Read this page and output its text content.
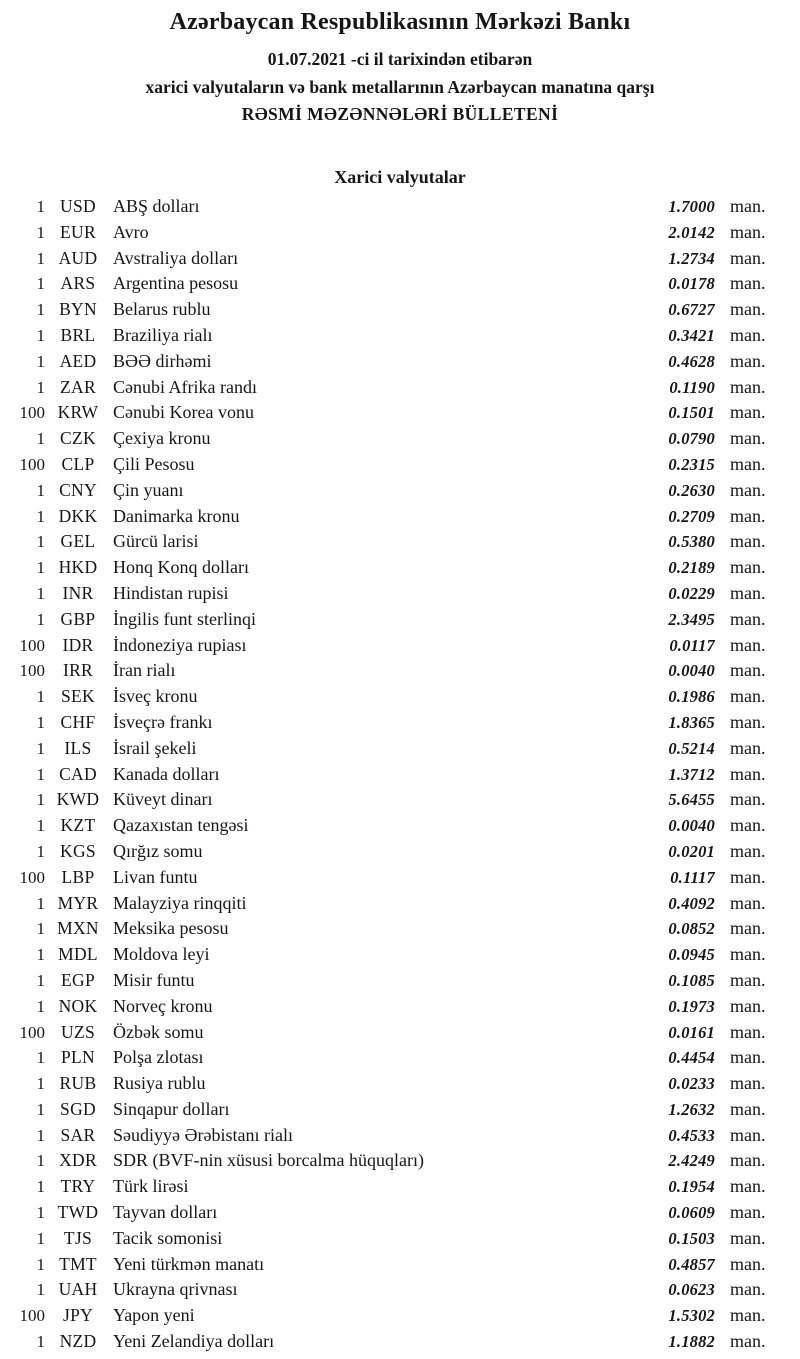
Azərbaycan Respublikasının Mərkəzi Bankı
01.07.2021 -ci il tarixindən etibarən
xarici valyutaların və bank metallarının Azərbaycan manatına qarşı
RƏSMİ MƏZƏNNƏLƏRİ BÜLLETENİ
Xarici valyutalar
1 USD ABŞ dolları	1.7000 man.
1 EUR Avro	2.0142 man.
1 AUD Avstraliya dolları	1.2734 man.
1 ARS Argentina pesosu	0.0178 man.
1 BYN Belarus rublu	0.6727 man.
1 BRL Braziliya rialı	0.3421 man.
1 AED BƏƏ dirhəmi	0.4628 man.
1 ZAR Cənubi Afrika randı	0.1190 man.
100 KRW Cənubi Korea vonu	0.1501 man.
1 CZK Çexiya kronu	0.0790 man.
100 CLP	Çili Pesosu	0.2315 man.
1 CNY Çin yuanı	0.2630 man.
1 DKK Danimarka kronu	0.2709 man.
1 GEL Gürcü larisi	0.5380 man.
1 HKD Honq Konq dolları	0.2189 man.
1 INR	Hindistan rupisi	0.0229 man.
1 GBP İngilis funt sterlinqi	2.3495 man.
100 IDR	İndoneziya rupiası	0.0117 man.
100	IRR	İran rialı	0.0040 man.
1 SEK	İsveç kronu	0.1986 man.
1 CHF İsveçrə frankı	1.8365 man.
1	ILS	İsrail şekeli	0.5214 man.
1 CAD Kanada dolları	1.3712 man.
1 KWD Küveyt dinarı	5.6455 man.
1 KZT Qazaxıstan tengəsi	0.0040 man.
1 KGS Qırğız somu	0.0201 man.
100 LBP	Livan funtu	0.1117 man.
1 MYR Malayziya rinqqiti	0.4092 man.
1 MXN Meksika pesosu	0.0852 man.
1 MDL Moldova leyi	0.0945 man.
1 EGP	Misir funtu	0.1085 man.
1 NOK Norveç kronu	0.1973 man.
100 UZS	Özbək somu	0.0161 man.
1 PLN	Polşa zlotası	0.4454 man.
1 RUB Rusiya rublu	0.0233 man.
1 SGD Sinqapur dolları	1.2632 man.
1 SAR Səudiyyə Ərəbistanı rialı	0.4533 man.
1 XDR SDR (BVF-nin xüsusi borcalma hüquqları)	2.4249 man.
1 TRY Türk lirəsi	0.1954 man.
1 TWD Tayvan dolları	0.0609 man.
1	TJS	Tacik somonisi	0.1503 man.
1 TMT Yeni türkmən manatı	0.4857 man.
1 UAH Ukrayna qrivnası	0.0623 man.
100	JPY	Yapon yeni	1.5302 man.
1 NZD Yeni Zelandiya dolları	1.1882 man.
